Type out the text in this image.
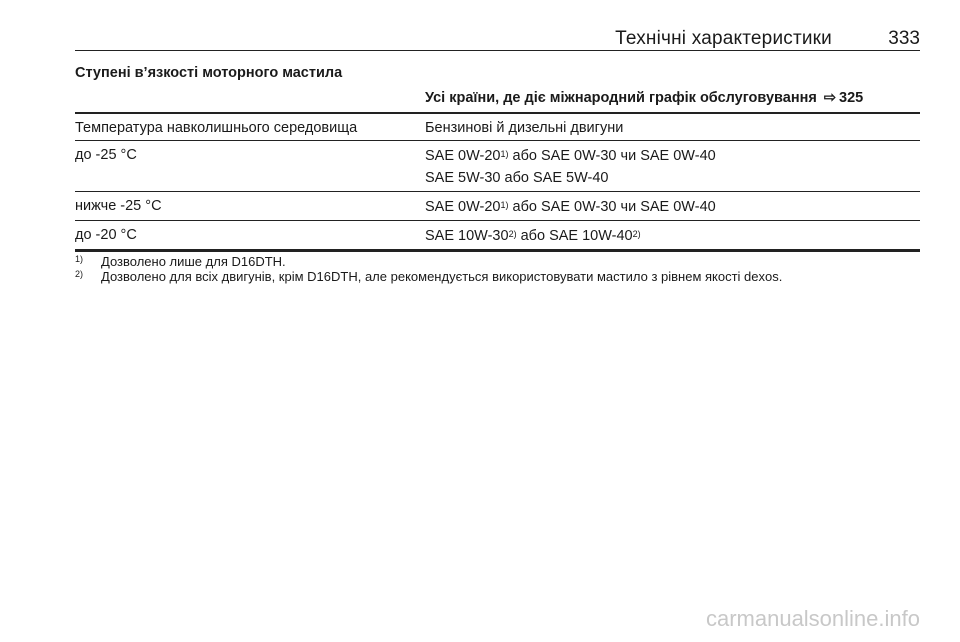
Технічні характеристики	333
Ступені в’язкості моторного мастила
Усі країни, де діє міжнародний графік обслуговування ⇨ 325
Температура навколишнього середовища	Бензинові й дизельні двигуни
до -25 °C	SAE 0W-20$^{1)}$ або SAE 0W-30 чи SAE 0W-40
SAE 5W-30 або SAE 5W-40
нижче -25 °C	SAE 0W-20$^{1)}$ або SAE 0W-30 чи SAE 0W-40
до -20 °C	SAE 10W-30$^{2)}$ або SAE 10W-40$^{2)}$
1)	Дозволено лише для D16DTH.
2)	Дозволено для всіх двигунів, крім D16DTH, але рекомендується використовувати мастило з рівнем якості dexos.
carmanualsonline.info
